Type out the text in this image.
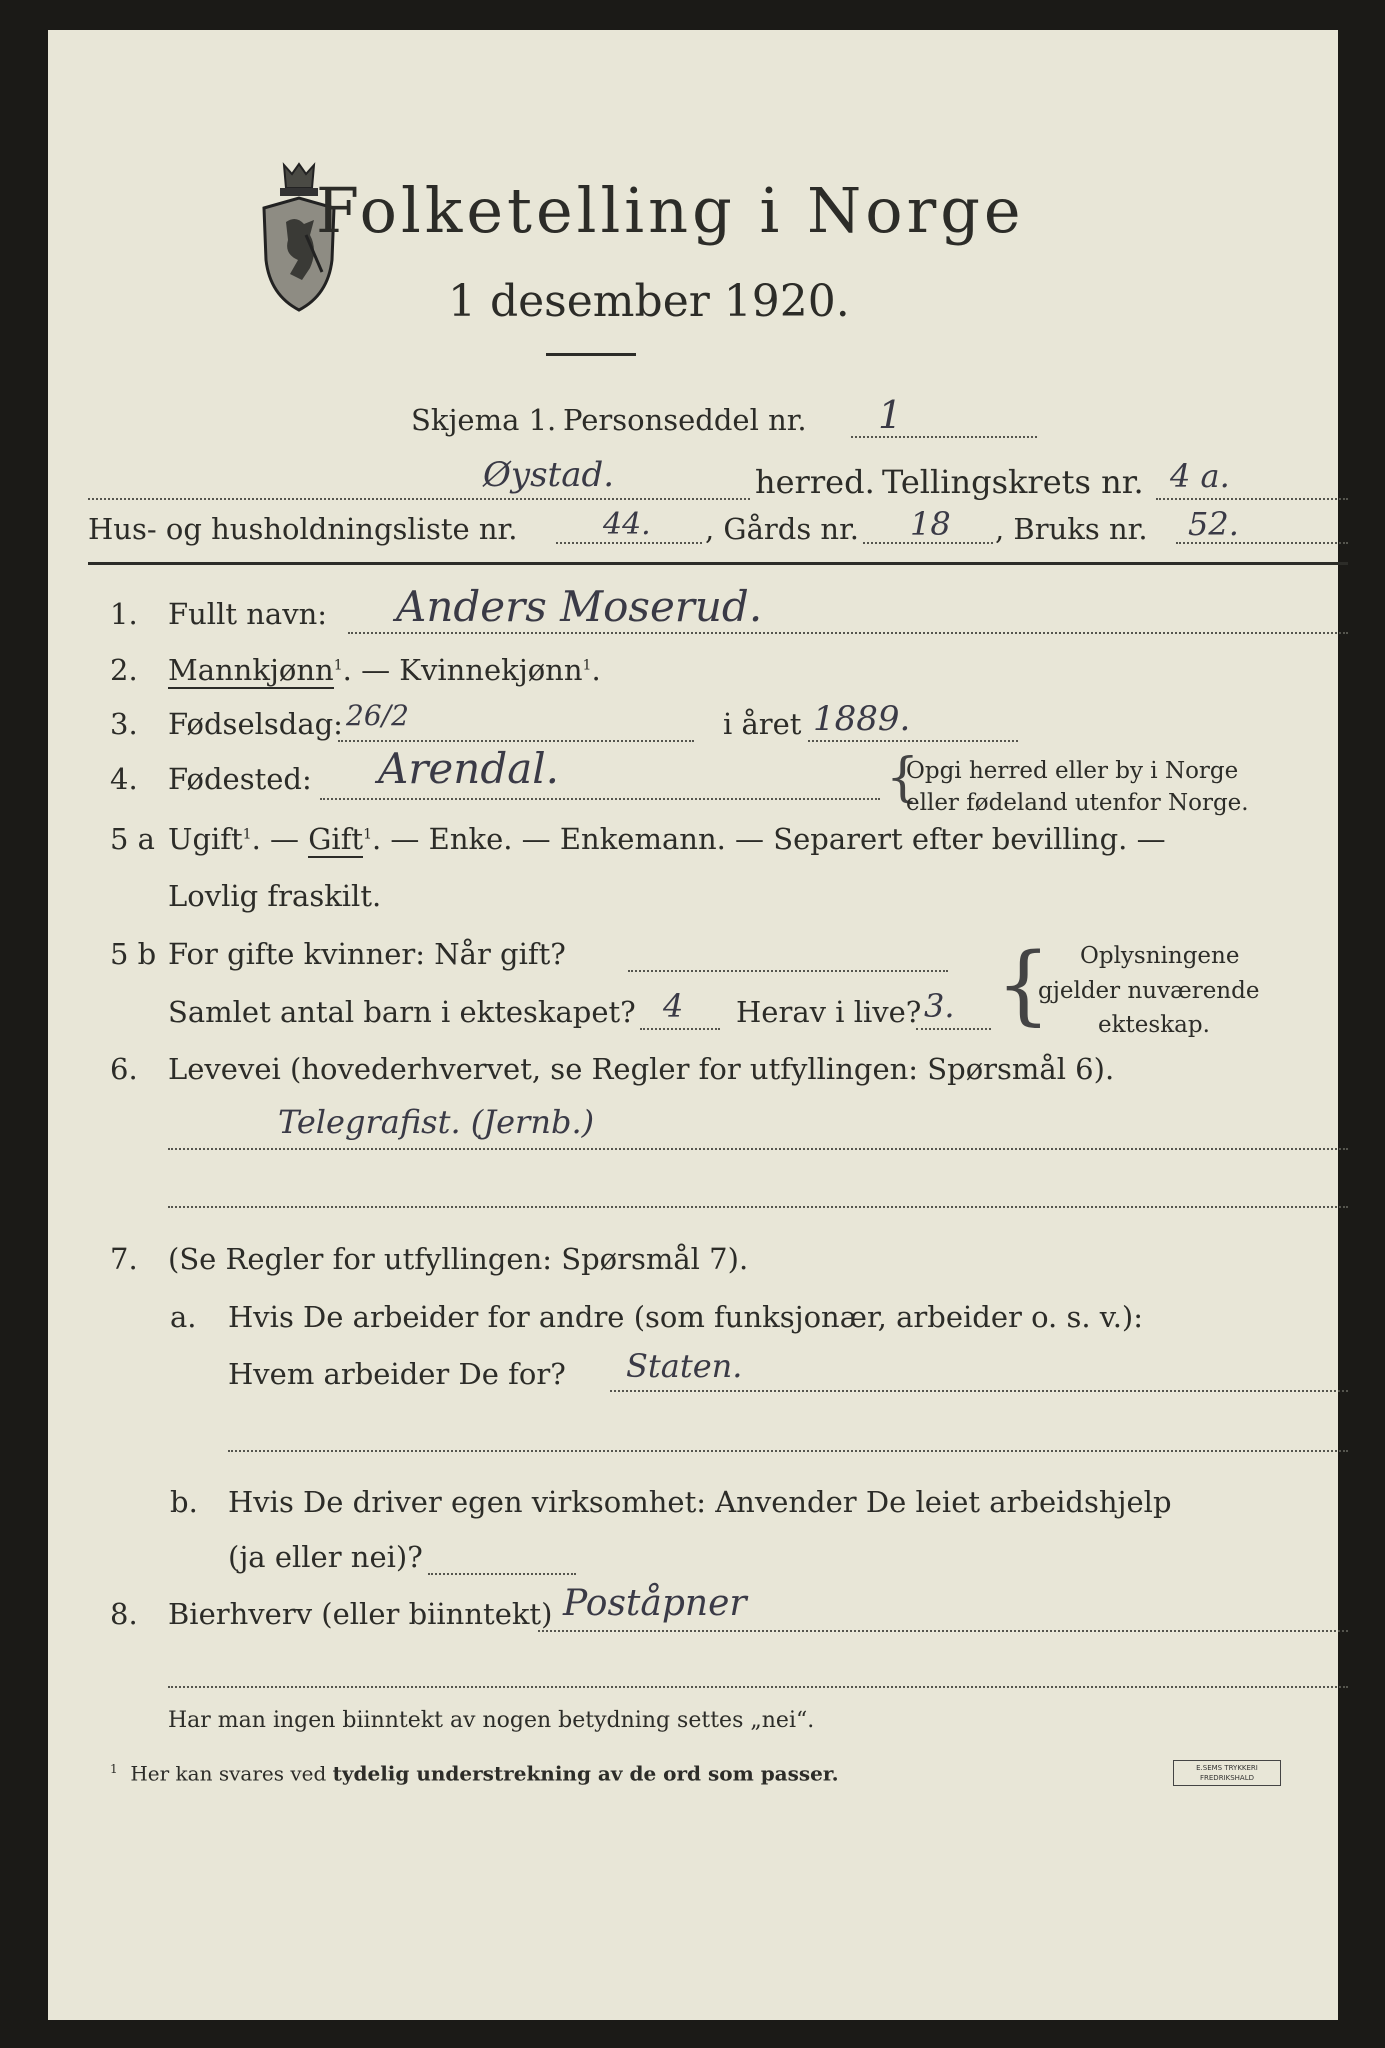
Folketelling i Norge
1 desember 1920.
Skjema 1. Personseddel nr. 1
Øystad.	herred. Tellingskrets nr. 4 a.
Hus- og husholdningsliste nr.	44. , Gårds nr. 18 , Bruks nr. 52.
1. Fullt navn: Anders Moserud.
2. Mannkjønn$^1$. — Kvinnekjønn$^1$.
3. Fødselsdag: 26/2	i året 1889.
4. Fødested: Arendal.	{
Opgi herred eller by i Norge
eller fødeland utenfor Norge.
5 a Ugift$^1$. — Gift$^1$. — Enke. — Enkemann. — Separert efter bevilling. —
Lovlig fraskilt.
5 b For gifte kvinner: Når gift?
Samlet antal barn i ekteskapet? 4 Herav i live? 3. { Oplysningene
gjelder nuværende
ekteskap.
6. Levevei (hovederhvervet, se Regler for utfyllingen: Spørsmål 6).
Telegrafist. (Jernb.)
7. (Se Regler for utfyllingen: Spørsmål 7).
a. Hvis De arbeider for andre (som funksjonær, arbeider o. s. v.):
Hvem arbeider De for? Staten.
b. Hvis De driver egen virksomhet: Anvender De leiet arbeidshjelp
(ja eller nei)?
8. Bierhverv (eller biinntekt) Poståpner
Har man ingen biinntekt av nogen betydning settes „nei“.
$^1$ Her kan svares ved tydelig understrekning av de ord som passer.	E.SEMS TRYKKERI
FREDRIKSHALD
